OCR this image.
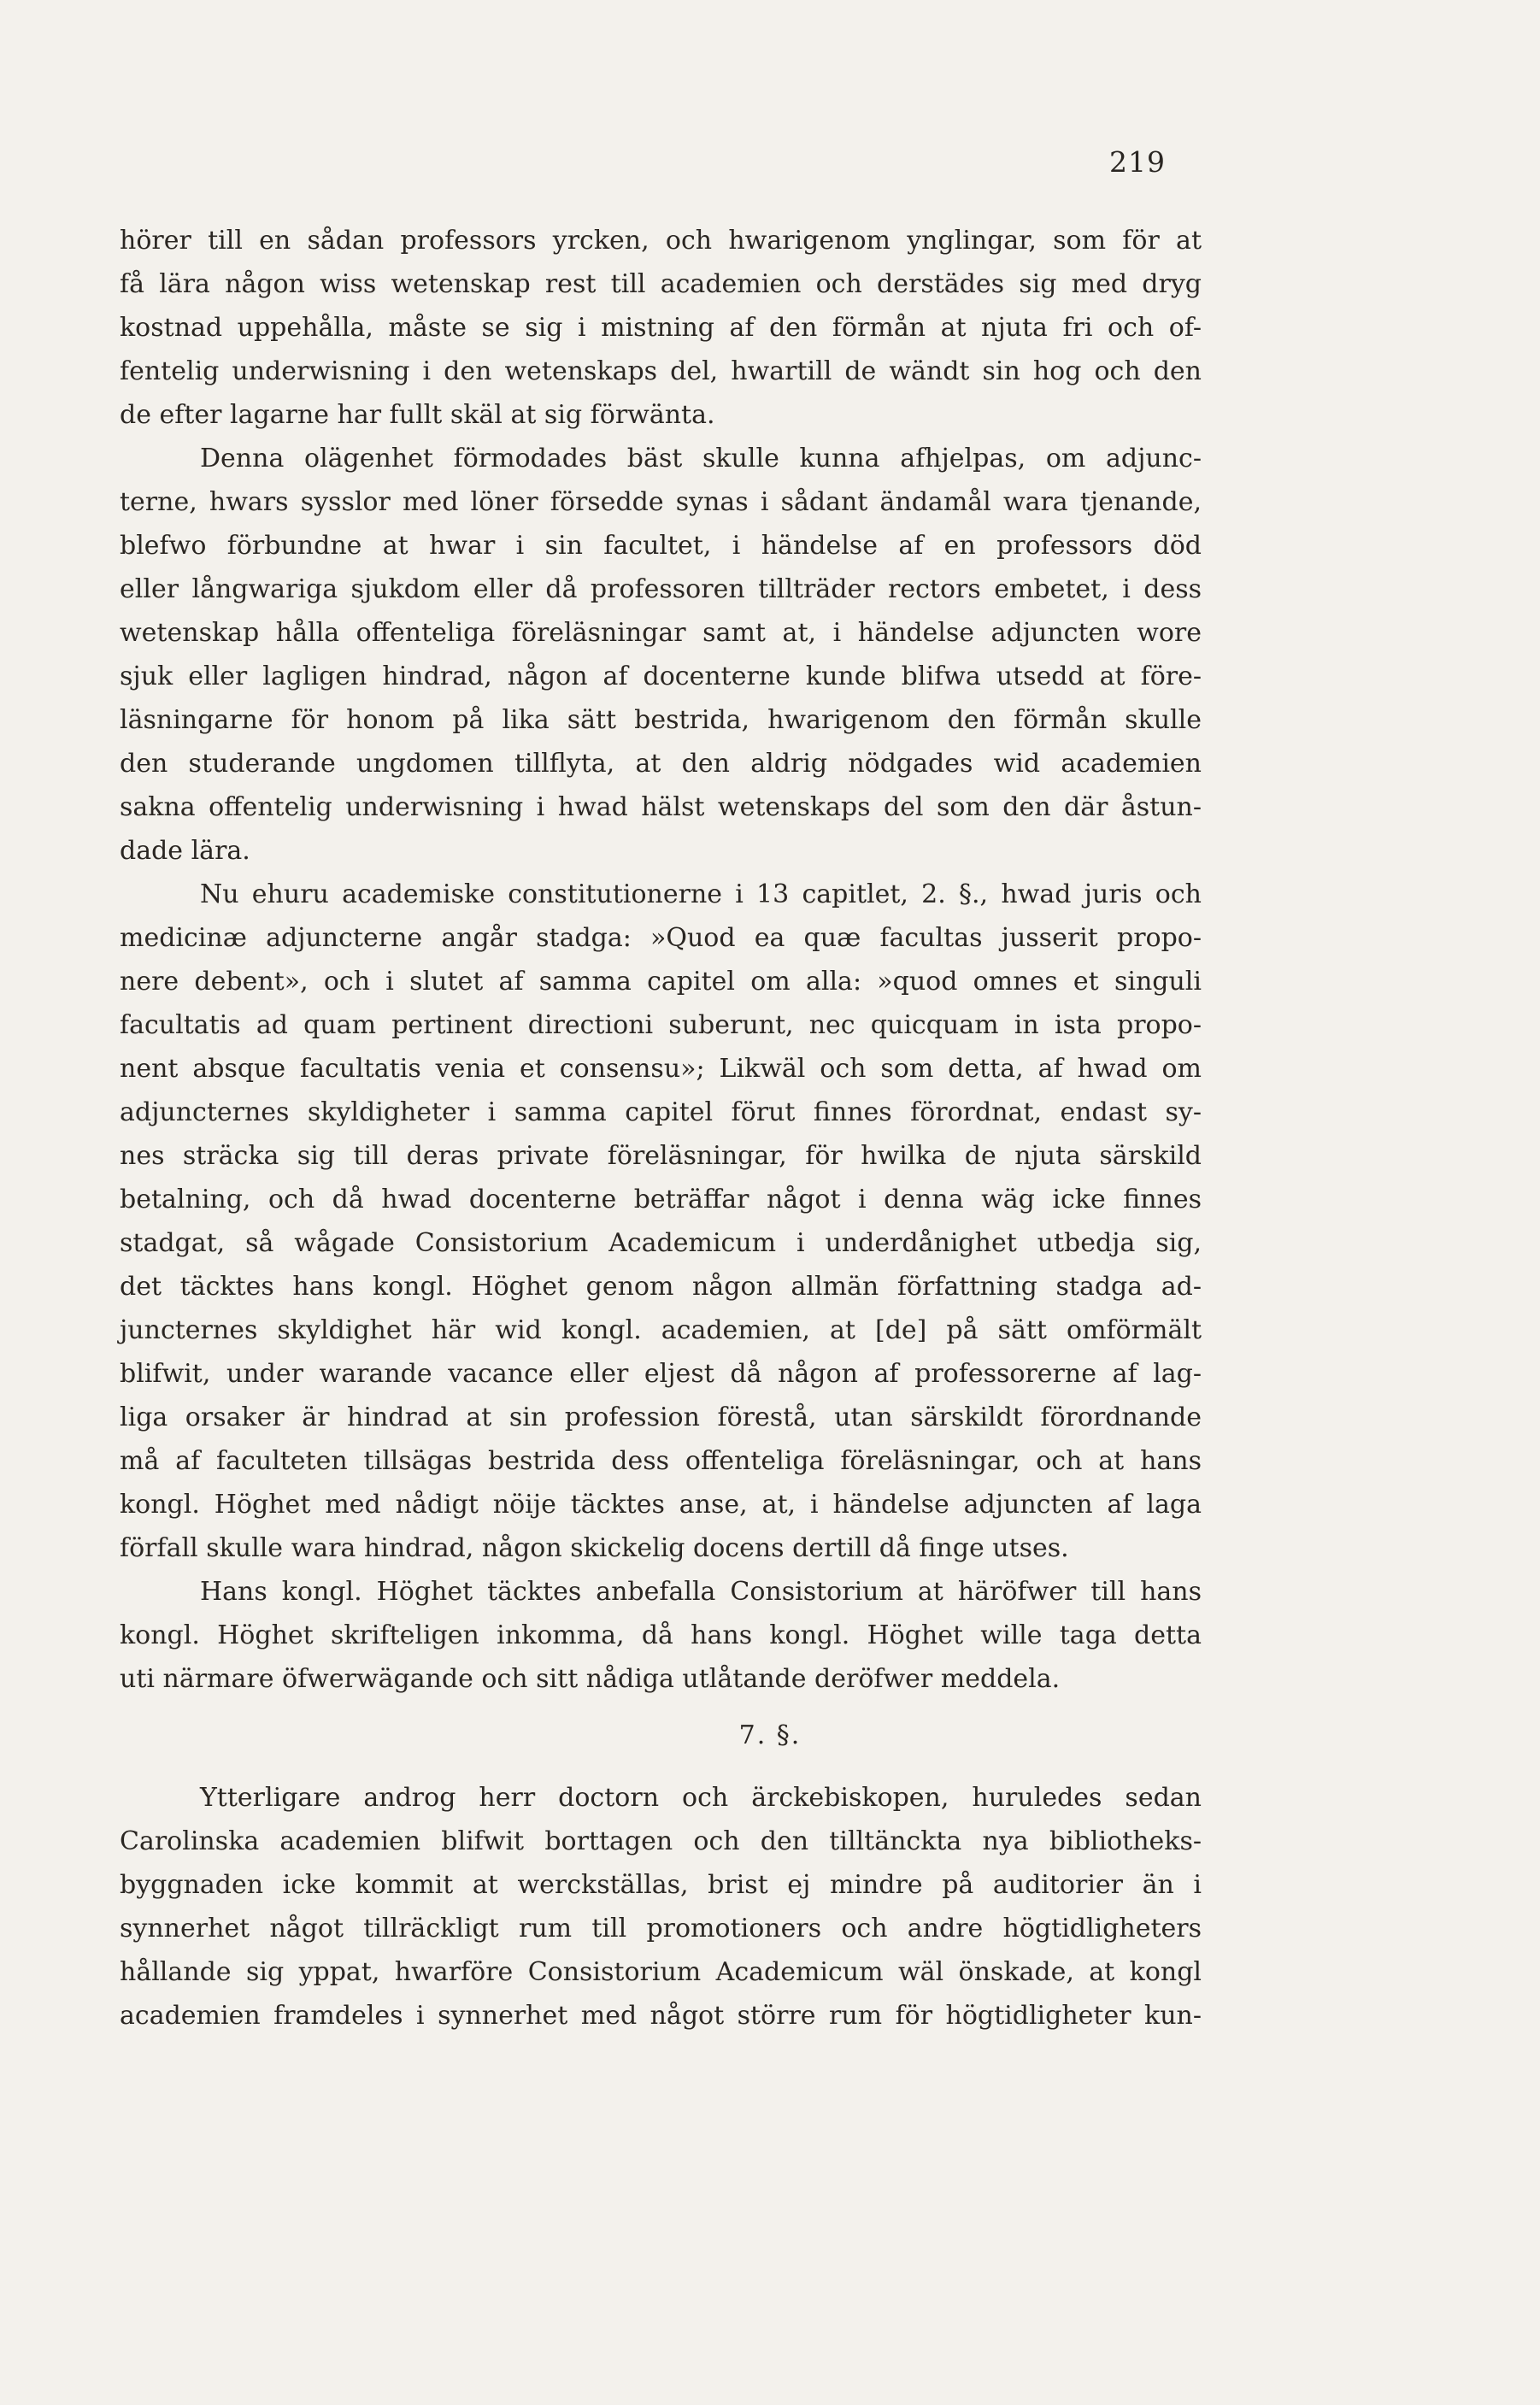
219
hörer till en sådan professors yrcken, och hwarigenom ynglingar, som för at
få lära någon wiss wetenskap rest till academien och derstädes sig med dryg
kostnad uppehålla, måste se sig i mistning af den förmån at njuta fri och of-
fentelig underwisning i den wetenskaps del, hwartill de wändt sin hog och den
de efter lagarne har fullt skäl at sig förwänta.
Denna olägenhet förmodades bäst skulle kunna afhjelpas, om adjunc-
terne, hwars sysslor med löner försedde synas i sådant ändamål wara tjenande,
blefwo förbundne at hwar i sin facultet, i händelse af en professors död
eller långwariga sjukdom eller då professoren tillträder rectors embetet, i dess
wetenskap hålla offenteliga föreläsningar samt at, i händelse adjuncten wore
sjuk eller lagligen hindrad, någon af docenterne kunde blifwa utsedd at före-
läsningarne för honom på lika sätt bestrida, hwarigenom den förmån skulle
den studerande ungdomen tillflyta, at den aldrig nödgades wid academien
sakna offentelig underwisning i hwad hälst wetenskaps del som den där åstun-
dade lära.
Nu ehuru academiske constitutionerne i 13 capitlet, 2. §., hwad juris och
medicinæ adjuncterne angår stadga: »Quod ea quæ facultas jusserit propo-
nere debent», och i slutet af samma capitel om alla: »quod omnes et singuli
facultatis ad quam pertinent directioni suberunt, nec quicquam in ista propo-
nent absque facultatis venia et consensu»; Likwäl och som detta, af hwad om
adjuncternes skyldigheter i samma capitel förut finnes förordnat, endast sy-
nes sträcka sig till deras private föreläsningar, för hwilka de njuta särskild
betalning, och då hwad docenterne beträffar något i denna wäg icke finnes
stadgat, så wågade Consistorium Academicum i underdånighet utbedja sig,
det täcktes hans kongl. Höghet genom någon allmän författning stadga ad-
juncternes skyldighet här wid kongl. academien, at [de] på sätt omförmält
blifwit, under warande vacance eller eljest då någon af professorerne af lag-
liga orsaker är hindrad at sin profession förestå, utan särskildt förordnande
må af faculteten tillsägas bestrida dess offenteliga föreläsningar, och at hans
kongl. Höghet med nådigt nöije täcktes anse, at, i händelse adjuncten af laga
förfall skulle wara hindrad, någon skickelig docens dertill då finge utses.
Hans kongl. Höghet täcktes anbefalla Consistorium at häröfwer till hans
kongl. Höghet skrifteligen inkomma, då hans kongl. Höghet wille taga detta
uti närmare öfwerwägande och sitt nådiga utlåtande deröfwer meddela.
7. §.
Ytterligare androg herr doctorn och ärckebiskopen, huruledes sedan
Carolinska academien blifwit borttagen och den tilltänckta nya bibliotheks-
byggnaden icke kommit at werckställas, brist ej mindre på auditorier än i
synnerhet något tillräckligt rum till promotioners och andre högtidligheters
hållande sig yppat, hwarföre Consistorium Academicum wäl önskade, at kongl
academien framdeles i synnerhet med något större rum för högtidligheter kun-
